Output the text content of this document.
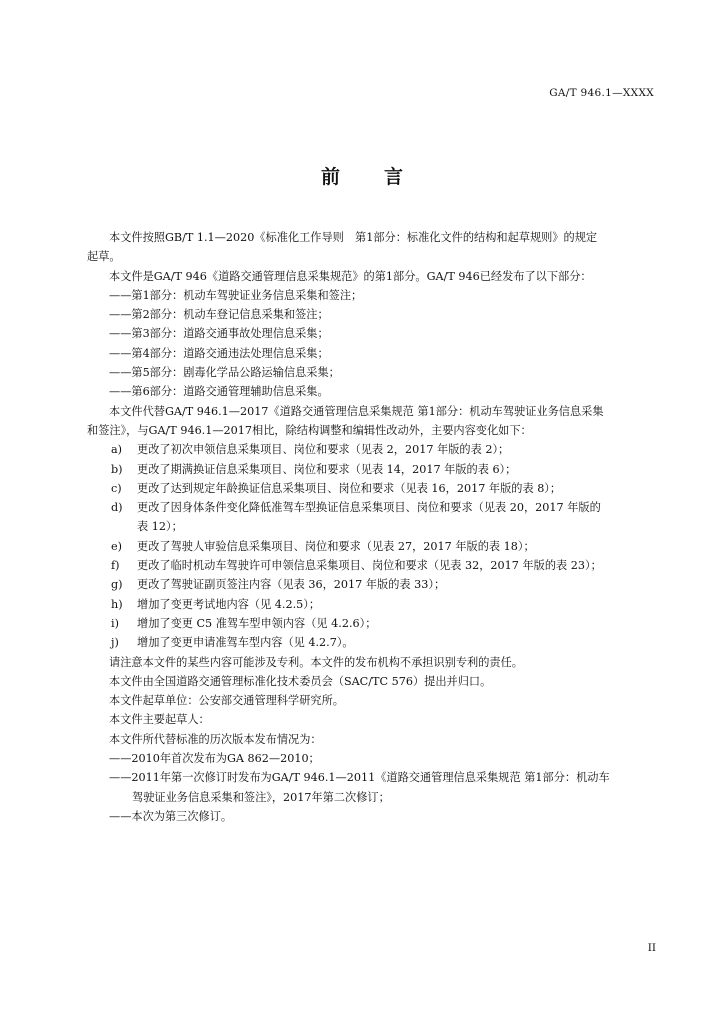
GA/T 946.1—XXXX
前 言

本文件按照GB/T 1.1—2020《标准化工作导则　第1部分：标准化文件的结构和起草规则》的规定

起草。

本文件是GA/T 946《道路交通管理信息采集规范》的第1部分。GA/T 946已经发布了以下部分：

——第1部分：机动车驾驶证业务信息采集和签注；

——第2部分：机动车登记信息采集和签注；

——第3部分：道路交通事故处理信息采集；

——第4部分：道路交通违法处理信息采集；

——第5部分：剧毒化学品公路运输信息采集；

——第6部分：道路交通管理辅助信息采集。

本文件代替GA/T 946.1—2017《道路交通管理信息采集规范 第1部分：机动车驾驶证业务信息采集

和签注》，与GA/T 946.1—2017相比，除结构调整和编辑性改动外，主要内容变化如下：

a) 更改了初次申领信息采集项目、岗位和要求（见表 2，2017 年版的表 2）；

b) 更改了期满换证信息采集项目、岗位和要求（见表 14，2017 年版的表 6）；

c) 更改了达到规定年龄换证信息采集项目、岗位和要求（见表 16，2017 年版的表 8）；

d) 更改了因身体条件变化降低准驾车型换证信息采集项目、岗位和要求（见表 20，2017 年版的

表 12）；

e) 更改了驾驶人审验信息采集项目、岗位和要求（见表 27，2017 年版的表 18）；

f) 更改了临时机动车驾驶许可申领信息采集项目、岗位和要求（见表 32，2017 年版的表 23）；

g) 更改了驾驶证副页签注内容（见表 36，2017 年版的表 33）；

h) 增加了变更考试地内容（见 4.2.5）；

i) 增加了变更 C5 准驾车型申领内容（见 4.2.6）；

j) 增加了变更申请准驾车型内容（见 4.2.7）。

请注意本文件的某些内容可能涉及专利。本文件的发布机构不承担识别专利的责任。

本文件由全国道路交通管理标准化技术委员会（SAC/TC 576）提出并归口。

本文件起草单位：公安部交通管理科学研究所。

本文件主要起草人：

本文件所代替标准的历次版本发布情况为：

——2010年首次发布为GA 862—2010；

——2011年第一次修订时发布为GA/T 946.1—2011《道路交通管理信息采集规范 第1部分：机动车

驾驶证业务信息采集和签注》，2017年第二次修订；

——本次为第三次修订。

II
